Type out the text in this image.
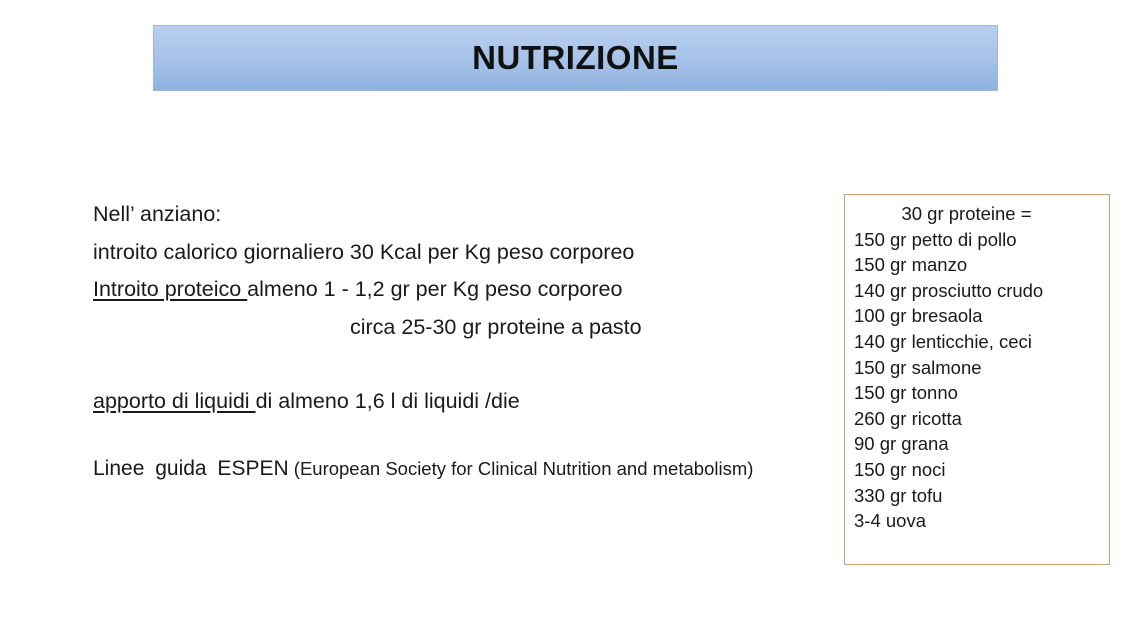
NUTRIZIONE
Nell’ anziano:
introito calorico giornaliero 30 Kcal per Kg peso corporeo
Introito proteico almeno 1 - 1,2 gr per Kg peso corporeo
circa 25-30 gr proteine a pasto
apporto di liquidi di almeno 1,6 l di liquidi /die
Linee guida ESPEN (European Society for Clinical Nutrition and metabolism)
30 gr proteine =
150 gr petto di pollo
150 gr manzo
140 gr prosciutto crudo
100 gr bresaola
140 gr lenticchie, ceci
150 gr salmone
150 gr tonno
260 gr ricotta
90 gr grana
150 gr noci
330 gr tofu
3-4 uova
